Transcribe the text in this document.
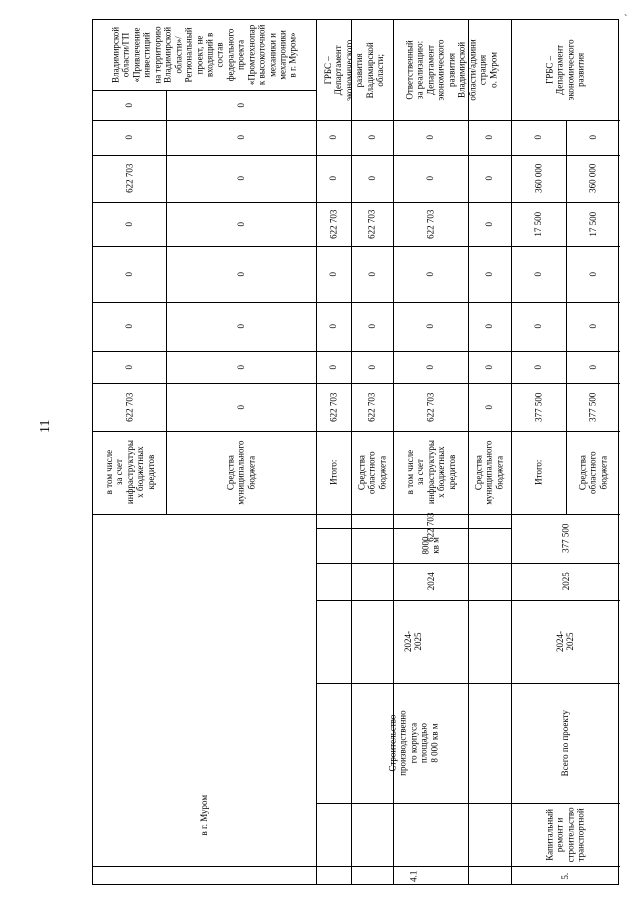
11
`
в г. Муром
в том числе
за счет
инфраструктуры
х бюджетных
кредитов
622 703
0
0
0
0
622 703
0
0
Средства
муниципального
бюджета
0
0
0
0
0
0
0
0
Владимирской
области/ГП
«Привлечение
инвестиций
на территорию
Владимирской
области»/
Региональный
проект, не
входящий в
состав
федерального
проекта
«Промтехнопар
к высокоточной
механики и
мехатроники
в г. Муром»
4.1
Строительство
производственно
го корпуса
площадью
8 000 кв м
2024-
2025
2024
8000
кв м
622 703
Итого:
622 703
0
0
0
622 703
0
0
Средства
областного
бюджета
622 703
0
0
0
622 703
0
0
в том числе
за счет
инфраструктуры
х бюджетных
кредитов
622 703
0
0
0
622 703
0
0
Средства
муниципального
бюджета
0
0
0
0
0
0
0
ГРБС –
Департамент
экономического
развития
Владимирской
области; Ответственный
за реализацию:
Департамент
экономического
развития
Владимирской
области/админи
страция
о. Муром
5.
Капитальный
ремонт и
строительство
транспортной
Всего по проекту
2024-
2025
2025
377 500
Итого:
377 500
0
0
0
17 500
360 000
0
Средства
областного
бюджета
377 500
0
0
0
17 500
360 000
0
ГРБС –
Департамент
экономического
развития
